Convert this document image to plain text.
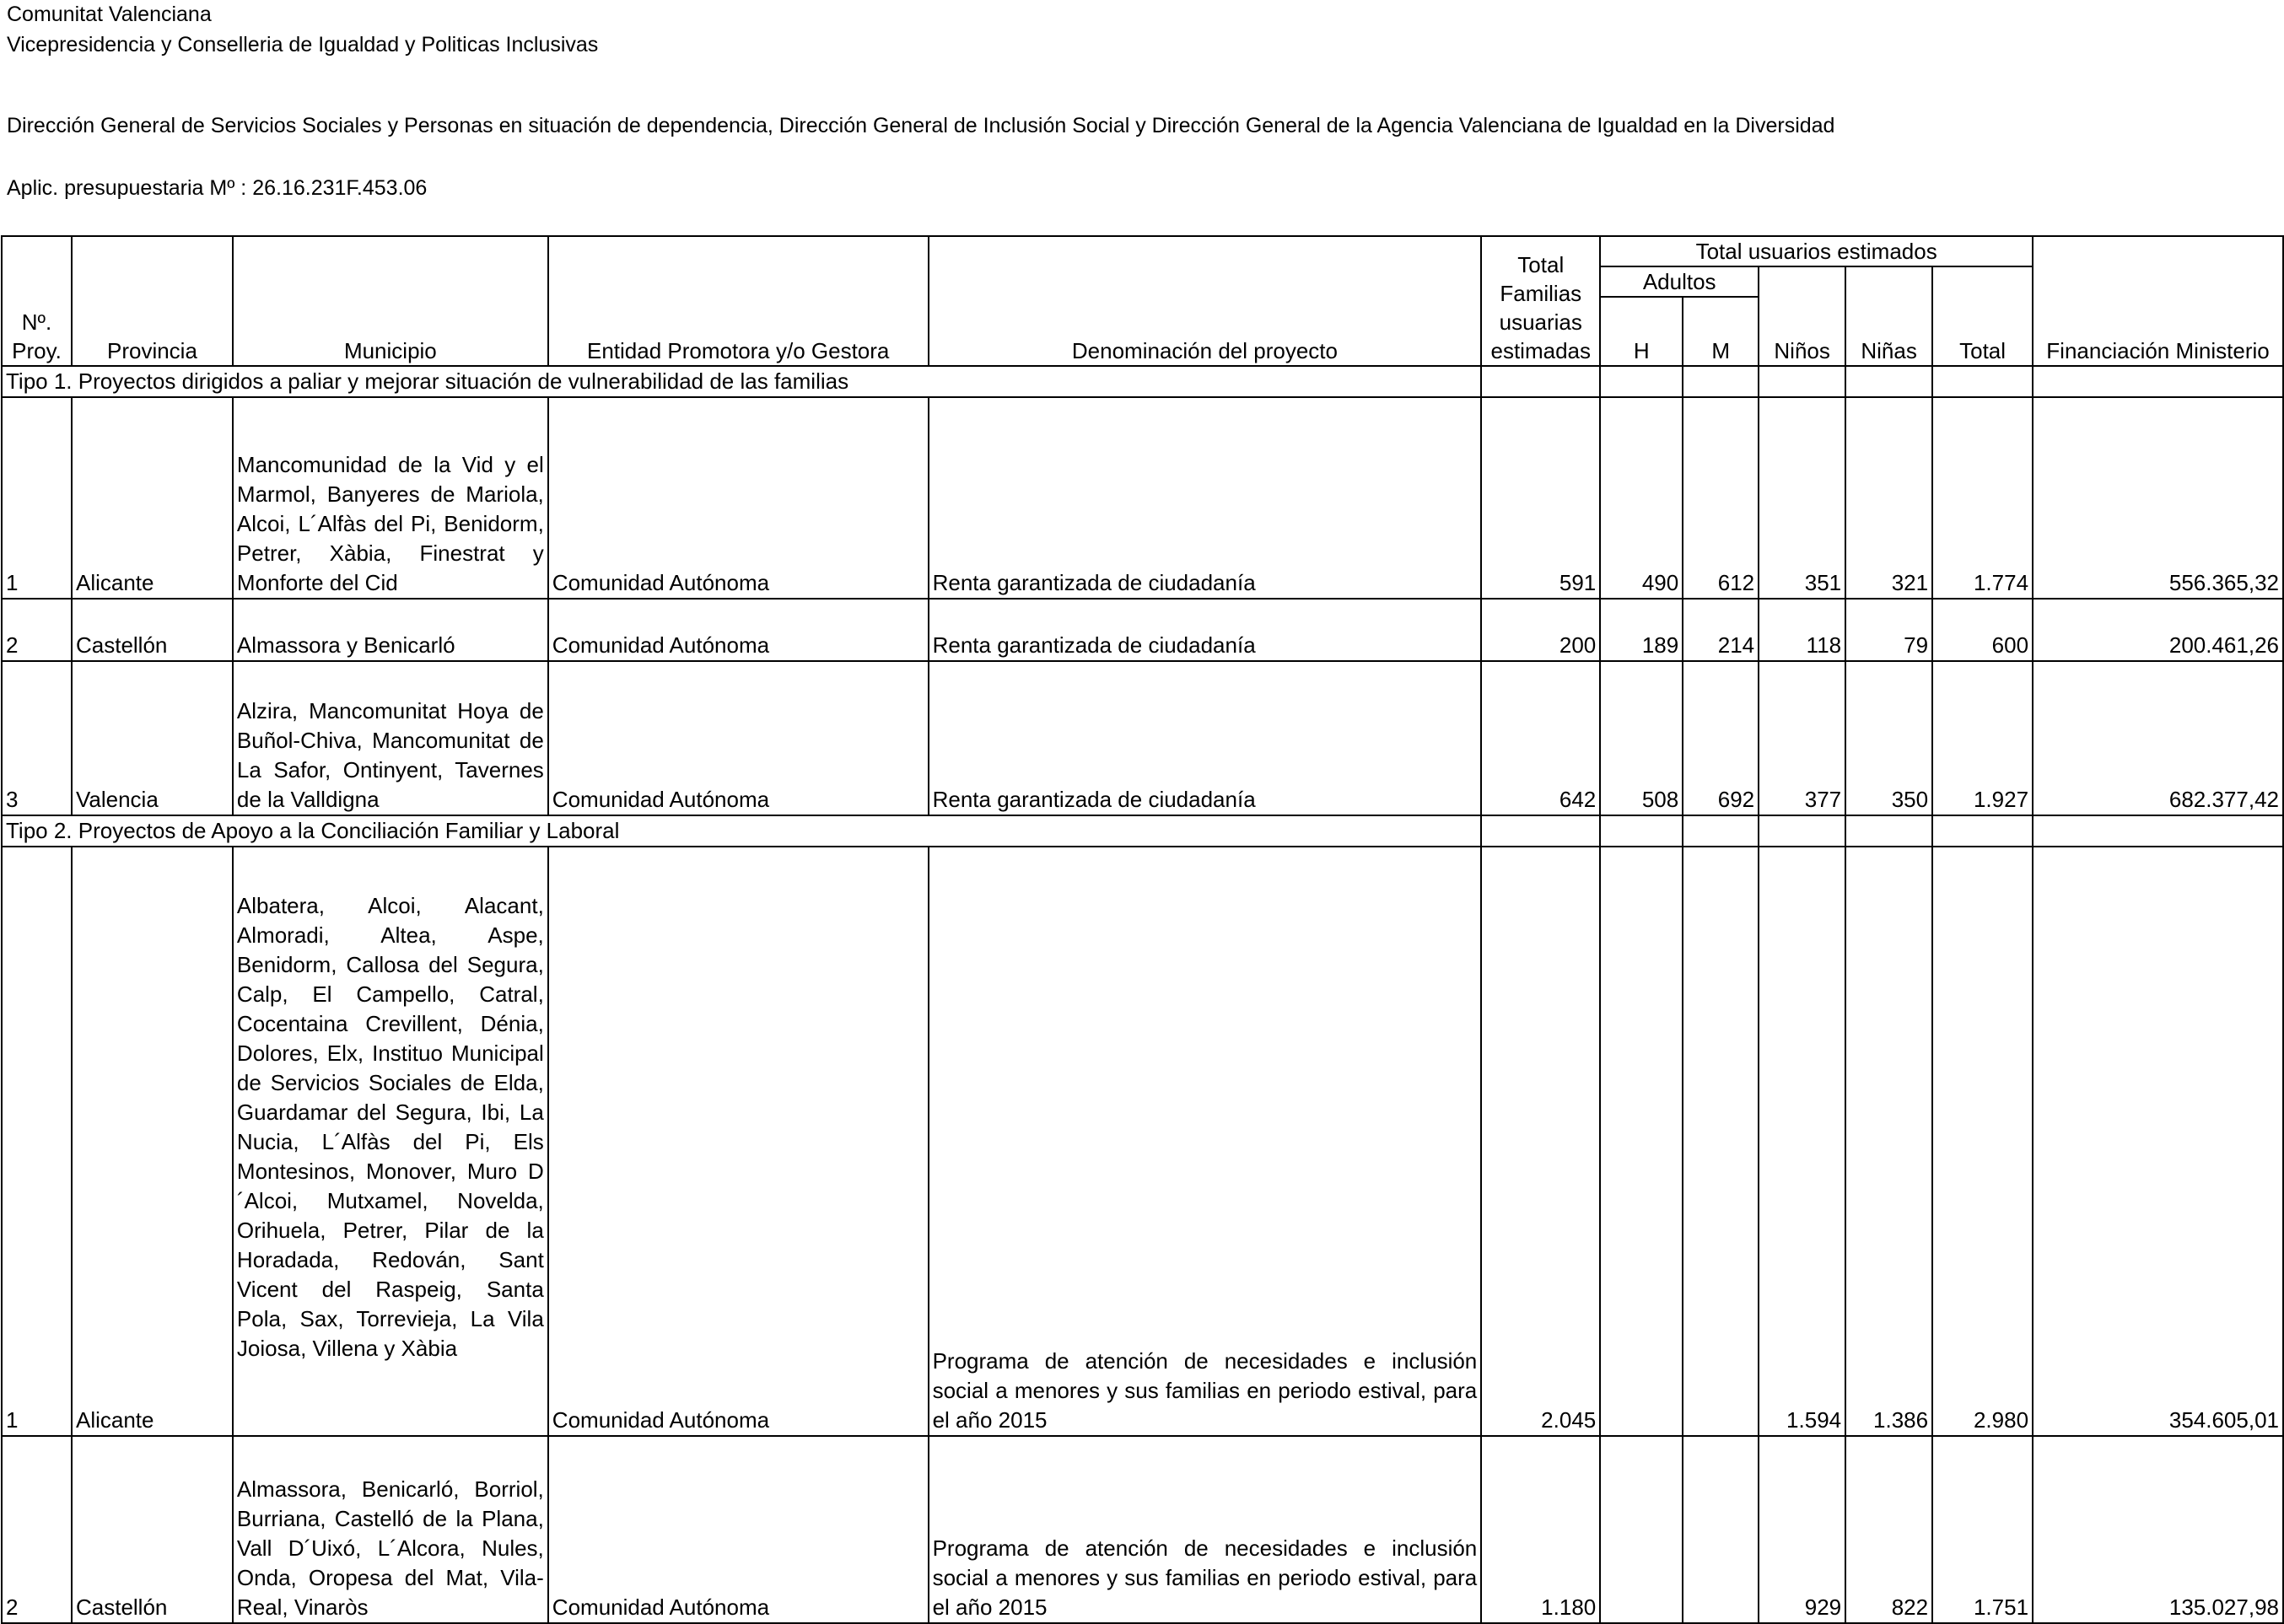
Comunitat Valenciana
Vicepresidencia y Conselleria de Igualdad y Politicas Inclusivas
Dirección General de Servicios Sociales y Personas en situación de dependencia, Dirección General de Inclusión Social y Dirección General de la Agencia Valenciana de Igualdad en la Diversidad
Aplic. presupuestaria Mº : 26.16.231F.453.06
Nº. Proy.	Provincia	Municipio	Entidad Promotora y/o Gestora	Denominación del proyecto	Total Familias usuarias estimadas	Total usuarios estimados					Financiación Ministerio
						Adultos		Niños	Niñas	Total	
						H	M				
Tipo 1. Proyectos dirigidos a paliar y mejorar situación de vulnerabilidad de las familias											
1	Alicante	Mancomunidad de la Vid y el Marmol, Banyeres de Mariola, Alcoi, L´Alfàs del Pi, Benidorm, Petrer, Xàbia, Finestrat y Monforte del Cid	Comunidad Autónoma	Renta garantizada de ciudadanía	591	490	612	351	321	1.774	556.365,32
2	Castellón	Almassora y Benicarló	Comunidad Autónoma	Renta garantizada de ciudadanía	200	189	214	118	79	600	200.461,26
3	Valencia	Alzira, Mancomunitat Hoya de Buñol-Chiva, Mancomunitat de La Safor, Ontinyent, Tavernes de la Valldigna	Comunidad Autónoma	Renta garantizada de ciudadanía	642	508	692	377	350	1.927	682.377,42
Tipo 2. Proyectos de Apoyo a la Conciliación Familiar y Laboral											
1	Alicante	Albatera, Alcoi, Alacant, Almoradi, Altea, Aspe, Benidorm, Callosa del Segura, Calp, El Campello, Catral, Cocentaina Crevillent, Dénia, Dolores, Elx, Instituo Municipal de Servicios Sociales de Elda, Guardamar del Segura, Ibi, La Nucia, L´Alfàs del Pi, Els Montesinos, Monover, Muro D´Alcoi, Mutxamel, Novelda, Orihuela, Petrer, Pilar de la Horadada, Redován, Sant Vicent del Raspeig, Santa Pola, Sax, Torrevieja, La Vila Joiosa, Villena y Xàbia	Comunidad Autónoma	Programa de atención de necesidades e inclusión social a menores y sus familias en periodo estival, para el año 2015	2.045			1.594	1.386	2.980	354.605,01
2	Castellón	Almassora, Benicarló, Borriol, Burriana, Castelló de la Plana, Vall D´Uixó, L´Alcora, Nules, Onda, Oropesa del Mat, Vila-Real, Vinaròs	Comunidad Autónoma	Programa de atención de necesidades e inclusión social a menores y sus familias en periodo estival, para el año 2015	1.180			929	822	1.751	135.027,98
